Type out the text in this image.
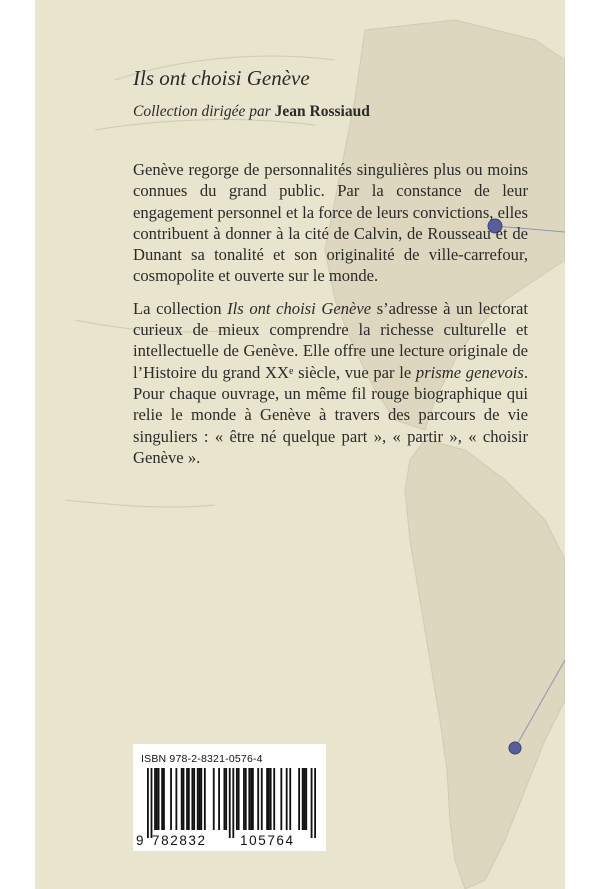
Ils ont choisi Genève
Collection dirigée par Jean Rossiaud

Genève regorge de personnalités singulières plus ou moins connues du grand public. Par la constance de leur engagement personnel et la force de leurs convictions, elles contribuent à donner à la cité de Calvin, de Rousseau et de Dunant sa tonalité et son originalité de ville-carrefour, cosmopolite et ouverte sur le monde.

La collection Ils ont choisi Genève s’adresse à un lectorat curieux de mieux comprendre la richesse culturelle et intellectuelle de Genève. Elle offre une lecture originale de l’Histoire du grand XXe siècle, vue par le prisme genevois. Pour chaque ouvrage, un même fil rouge biographique qui relie le monde à Genève à travers des parcours de vie singuliers : « être né quelque part », « partir », « choisir Genève ».

ISBN 978-2-8321-0576-4
9 782832	105764
